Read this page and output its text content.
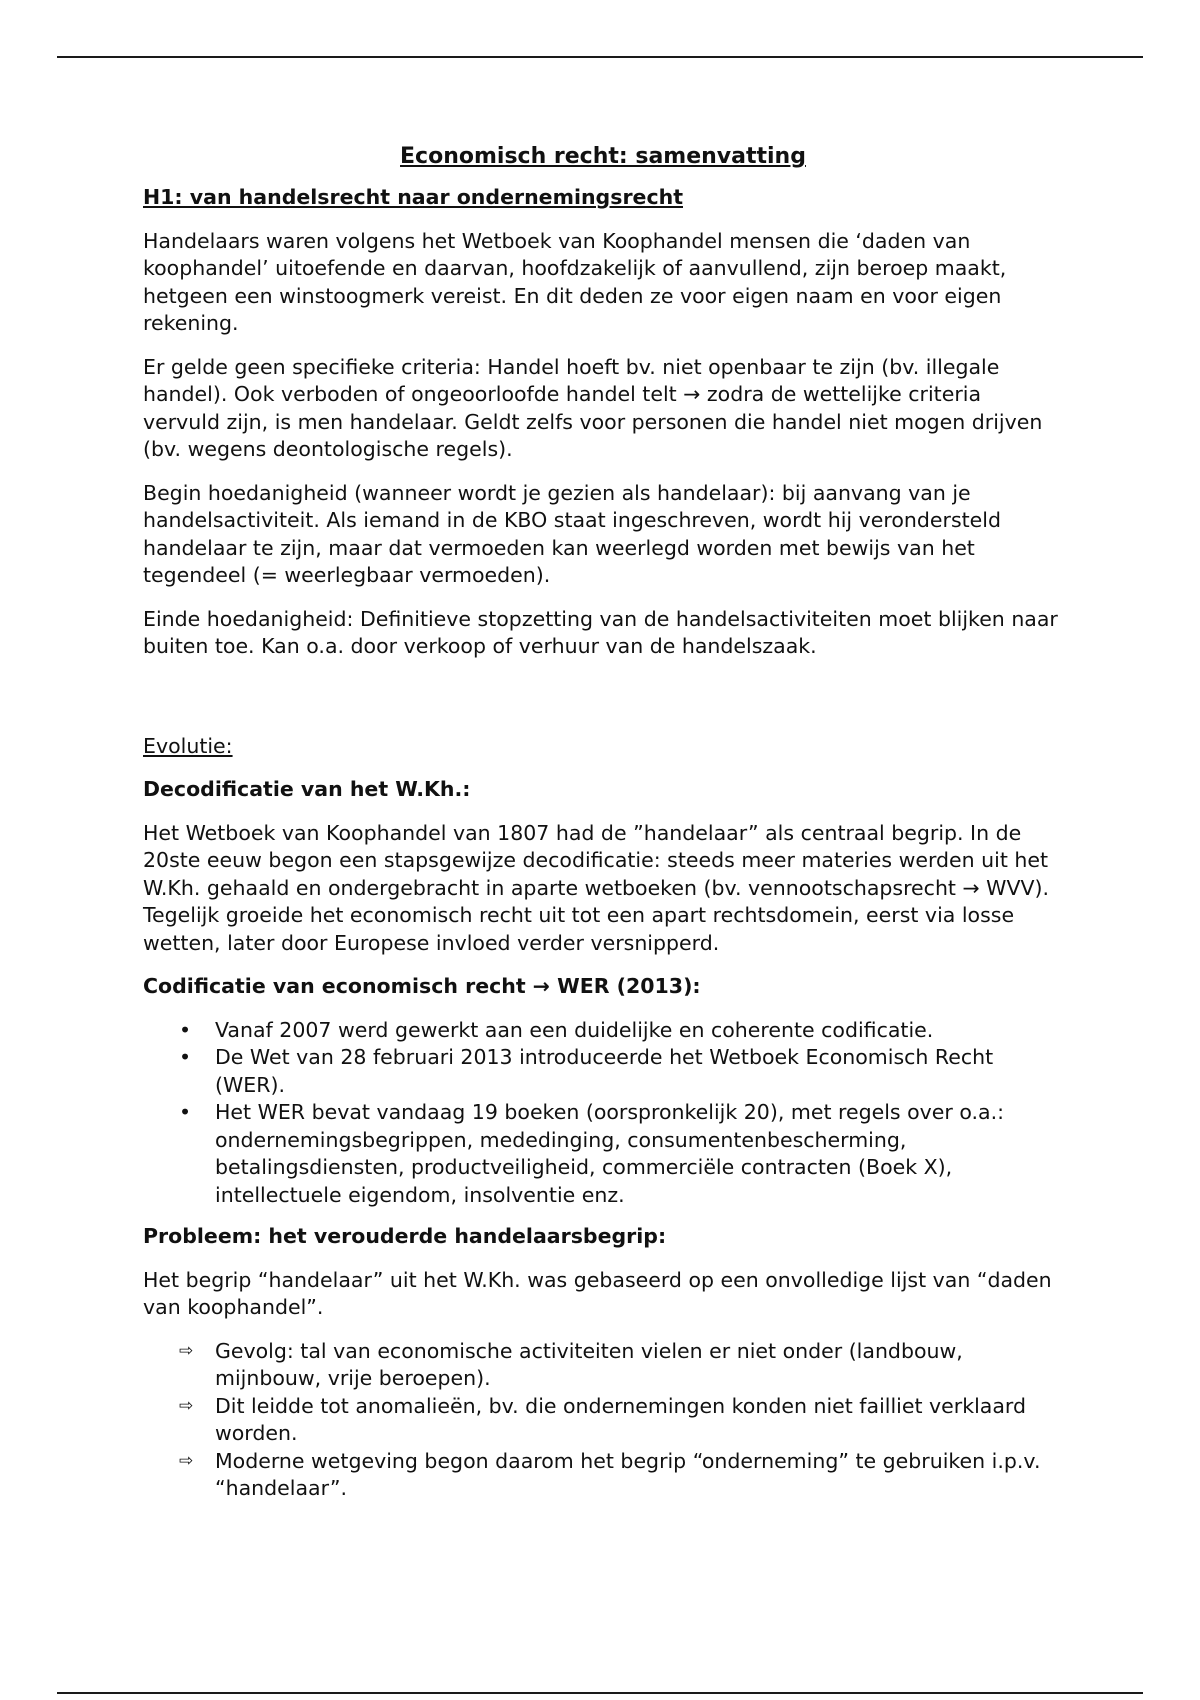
Economisch recht: samenvatting
H1: van handelsrecht naar ondernemingsrecht

Handelaars waren volgens het Wetboek van Koophandel mensen die ‘daden van koophandel’ uitoefende en daarvan, hoofdzakelijk of aanvullend, zijn beroep maakt, hetgeen een winstoogmerk vereist. En dit deden ze voor eigen naam en voor eigen rekening.

Er gelde geen specifieke criteria: Handel hoeft bv. niet openbaar te zijn (bv. illegale handel). Ook verboden of ongeoorloofde handel telt → zodra de wettelijke criteria vervuld zijn, is men handelaar. Geldt zelfs voor personen die handel niet mogen drijven (bv. wegens deontologische regels).

Begin hoedanigheid (wanneer wordt je gezien als handelaar): bij aanvang van je handelsactiviteit. Als iemand in de KBO staat ingeschreven, wordt hij verondersteld handelaar te zijn, maar dat vermoeden kan weerlegd worden met bewijs van het tegendeel (= weerlegbaar vermoeden).

Einde hoedanigheid: Definitieve stopzetting van de handelsactiviteiten moet blijken naar buiten toe. Kan o.a. door verkoop of verhuur van de handelszaak.

Evolutie:
Decodificatie van het W.Kh.:

Het Wetboek van Koophandel van 1807 had de ”handelaar” als centraal begrip. In de 20ste eeuw begon een stapsgewijze decodificatie: steeds meer materies werden uit het W.Kh. gehaald en ondergebracht in aparte wetboeken (bv. vennootschapsrecht → WVV). Tegelijk groeide het economisch recht uit tot een apart rechtsdomein, eerst via losse wetten, later door Europese invloed verder versnipperd.

Codificatie van economisch recht → WER (2013):
• Vanaf 2007 werd gewerkt aan een duidelijke en coherente codificatie.
• De Wet van 28 februari 2013 introduceerde het Wetboek Economisch Recht (WER).
• Het WER bevat vandaag 19 boeken (oorspronkelijk 20), met regels over o.a.: ondernemingsbegrippen, mededinging, consumentenbescherming, betalingsdiensten, productveiligheid, commerciële contracten (Boek X), intellectuele eigendom, insolventie enz.
Probleem: het verouderde handelaarsbegrip:

Het begrip “handelaar” uit het W.Kh. was gebaseerd op een onvolledige lijst van “daden van koophandel”.

⇨ Gevolg: tal van economische activiteiten vielen er niet onder (landbouw, mijnbouw, vrije beroepen).
⇨ Dit leidde tot anomalieën, bv. die ondernemingen konden niet failliet verklaard worden.
⇨ Moderne wetgeving begon daarom het begrip “onderneming” te gebruiken i.p.v. “handelaar”.
